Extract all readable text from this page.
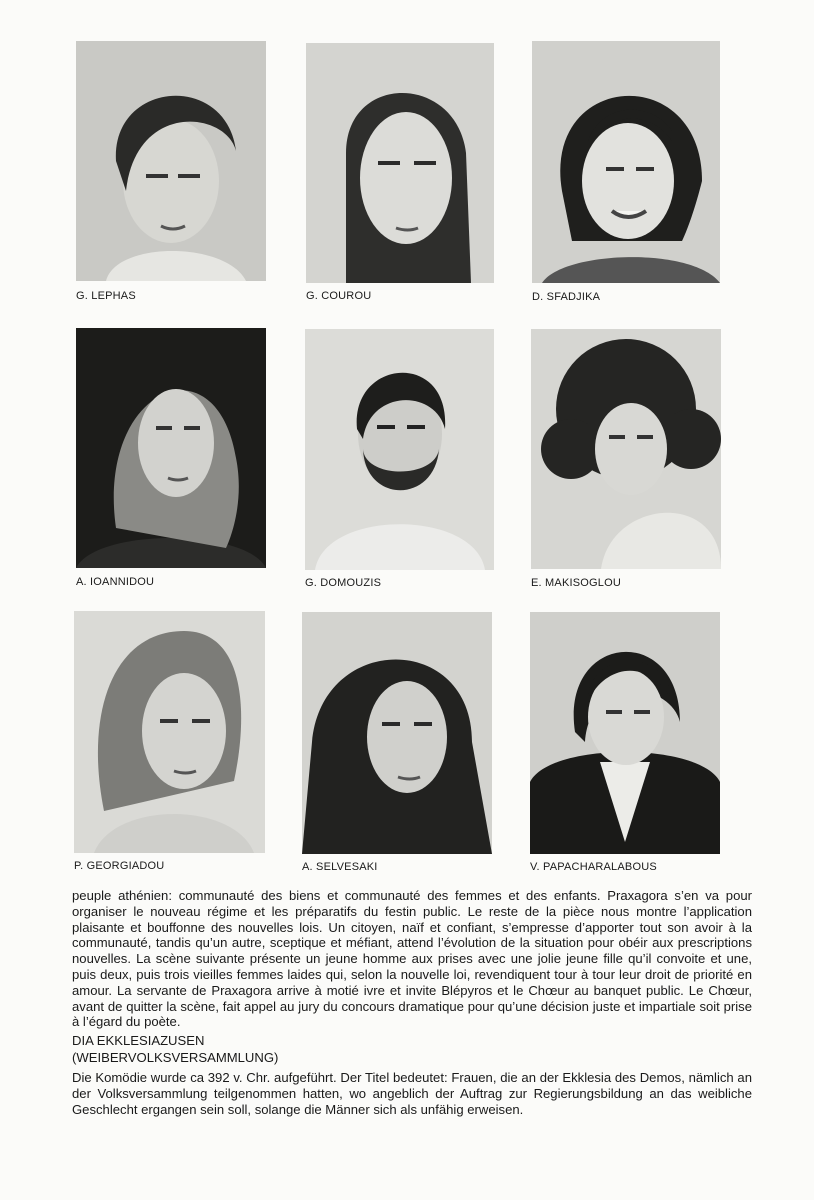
G. LEPHAS	G. COUROU	D. SFADJIKA
A. IOANNIDOU	G. DOMOUZIS	E. MAKISOGLOU
P. GEORGIADOU	A. SELVESAKI	V. PAPACHARALABOUS

peuple athénien: communauté des biens et communauté des femmes et des enfants. Praxagora s’en va pour organiser le nouveau régime et les préparatifs du festin public. Le reste de la pièce nous montre l’application plaisante et bouffonne des nouvelles lois. Un citoyen, naïf et confiant, s’empresse d’apporter tout son avoir à la communauté, tandis qu’un autre, sceptique et méfiant, attend l’évolution de la situation pour obéir aux prescriptions nouvelles. La scène suivante présente un jeune homme aux prises avec une jolie jeune fille qu’il convoite et une, puis deux, puis trois vieilles femmes laides qui, selon la nouvelle loi, revendiquent tour à tour leur droit de priorité en amour. La servante de Praxagora arrive à motié ivre et invite Blépyros et le Chœur au banquet public. Le Chœur, avant de quitter la scène, fait appel au jury du concours dramatique pour qu’une décision juste et impartiale soit prise à l’égard du poète.

DIA EKKLESIAZUSEN

(WEIBERVOLKSVERSAMMLUNG)

Die Komödie wurde ca 392 v. Chr. aufgeführt. Der Titel bedeutet: Frauen, die an der Ekklesia des Demos, nämlich an der Volksversammlung teilgenommen hatten, wo angeblich der Auftrag zur Regierungsbildung an das weibliche Geschlecht ergangen sein soll, solange die Männer sich als unfähig erweisen.
